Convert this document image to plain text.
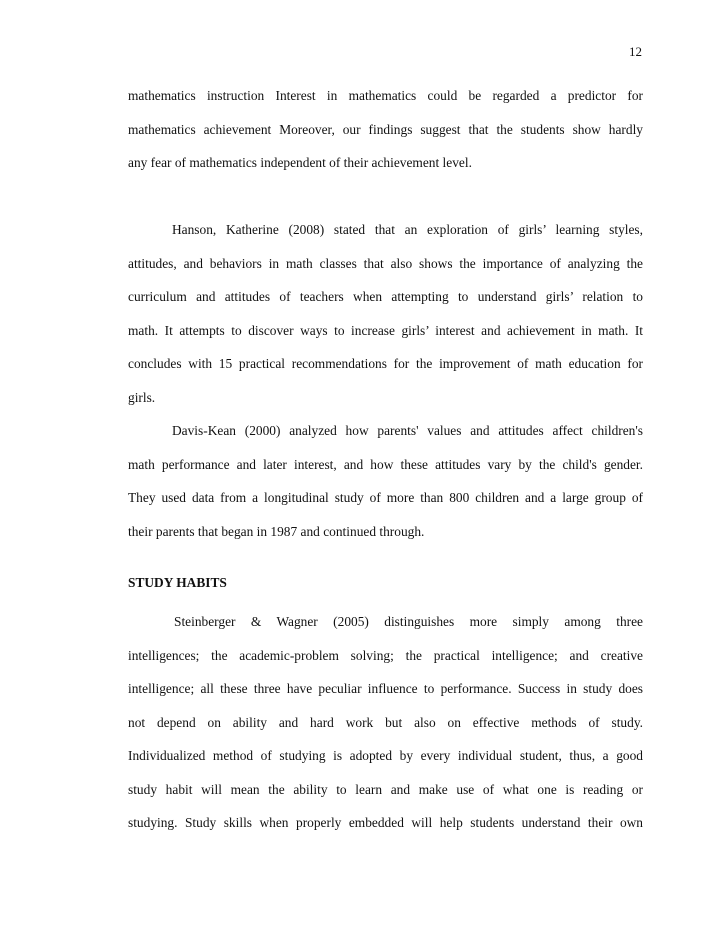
12
mathematics instruction Interest in mathematics could be regarded a predictor for
mathematics achievement Moreover, our findings suggest that the students show hardly
any fear of mathematics independent of their achievement level.
Hanson, Katherine (2008) stated that an exploration of girls’ learning styles,
attitudes, and behaviors in math classes that also shows the importance of analyzing the
curriculum and attitudes of teachers when attempting to understand girls’ relation to
math. It attempts to discover ways to increase girls’ interest and achievement in math. It
concludes with 15 practical recommendations for the improvement of math education for
girls.
Davis-Kean (2000) analyzed how parents' values and attitudes affect children's
math performance and later interest, and how these attitudes vary by the child's gender.
They used data from a longitudinal study of more than 800 children and a large group of
their parents that began in 1987 and continued through.
STUDY HABITS
Steinberger & Wagner (2005) distinguishes more simply among three
intelligences; the academic-problem solving; the practical intelligence; and creative
intelligence; all these three have peculiar influence to performance. Success in study does
not depend on ability and hard work but also on effective methods of study.
Individualized method of studying is adopted by every individual student, thus, a good
study habit will mean the ability to learn and make use of what one is reading or
studying. Study skills when properly embedded will help students understand their own
